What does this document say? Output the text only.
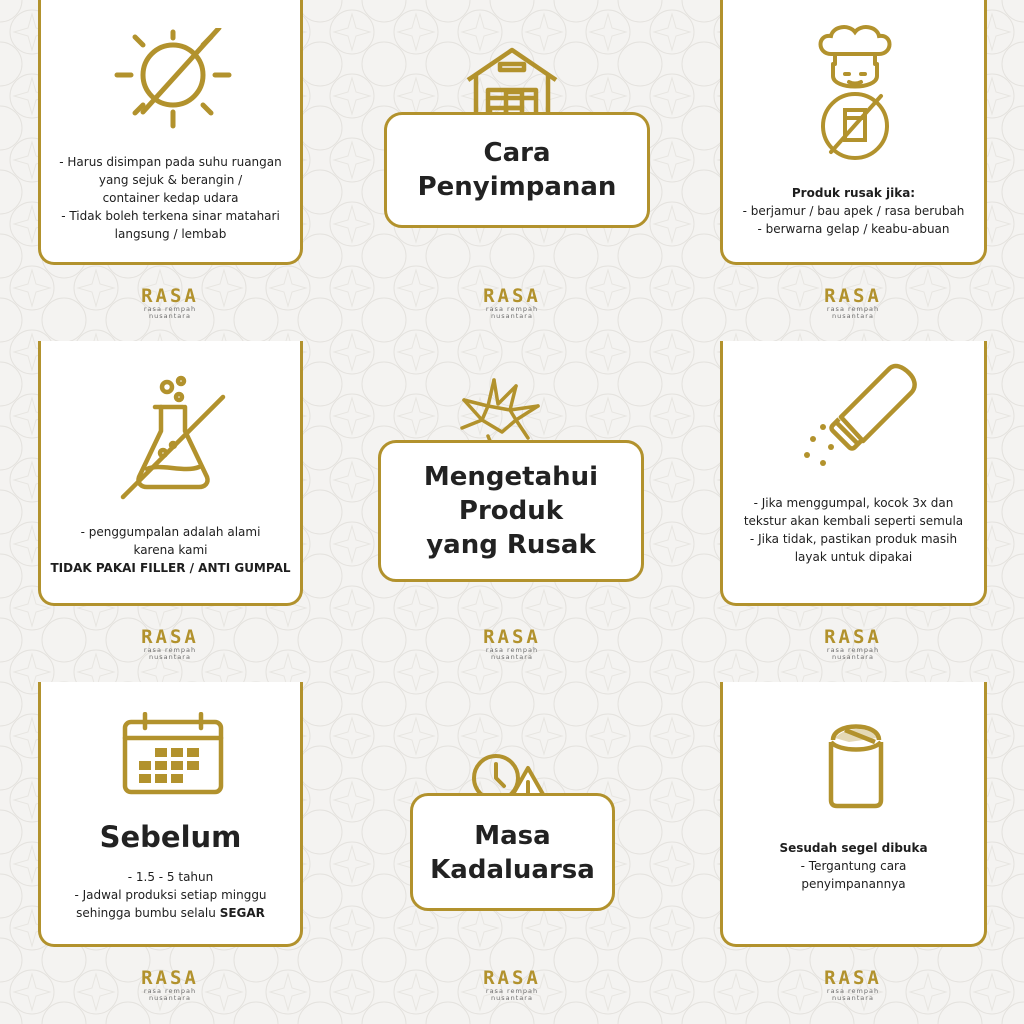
- Harus disimpan pada suhu ruangan

yang sejuk & berangin /

container kedap udara

- Tidak boleh terkena sinar matahari

langsung / lembab

Cara
Penyimpanan	Produk rusak jika:

- berjamur / bau apek / rasa berubah

- berwarna gelap / keabu-abuan

RASA
rasa rempah
nusantara
RASA
rasa rempah
nusantara
RASA
rasa rempah
nusantara

- penggumpalan adalah alami

karena kami

TIDAK PAKAI FILLER / ANTI GUMPAL

Mengetahui
Produk
yang Rusak

- Jika menggumpal, kocok 3x dan

tekstur akan kembali seperti semula

- Jika tidak, pastikan produk masih

layak untuk dipakai

RASA
rasa rempah
nusantara
RASA
rasa rempah
nusantara
RASA
rasa rempah
nusantara
Sebelum

- 1.5 - 5 tahun

- Jadwal produksi setiap minggu

sehingga bumbu selalu SEGAR

Masa
Kadaluarsa

Sesudah segel dibuka

- Tergantung cara

penyimpanannya

RASA
rasa rempah
nusantara
RASA
rasa rempah
nusantara
RASA
rasa rempah
nusantara
